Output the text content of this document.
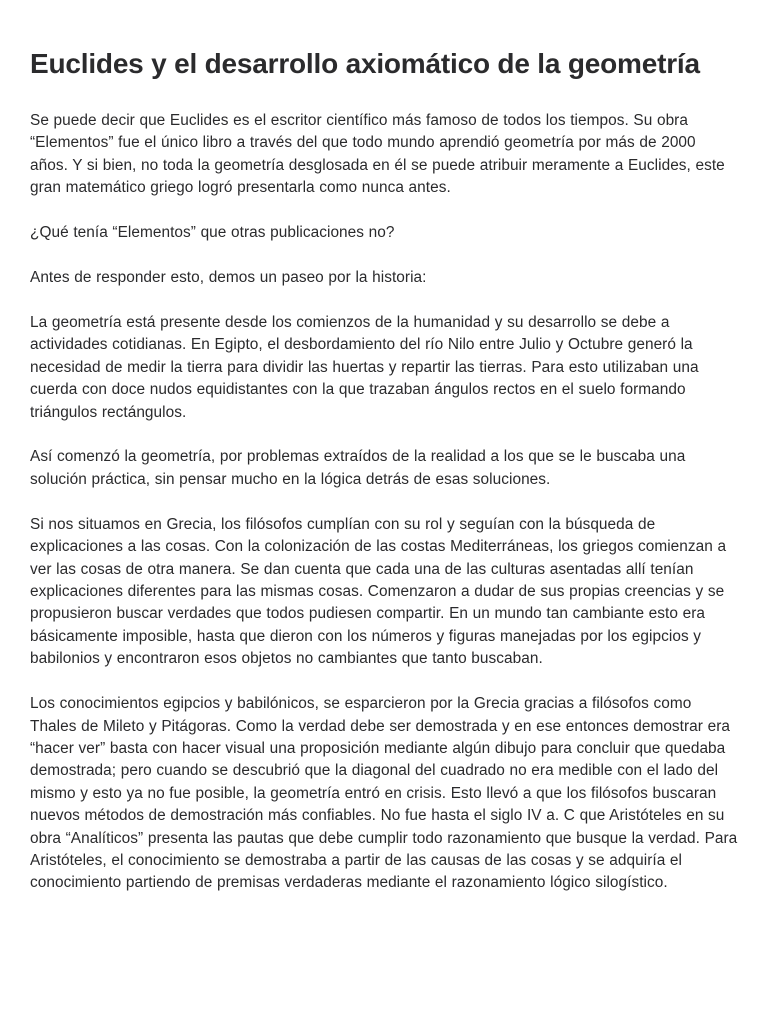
Euclides y el desarrollo axiomático de la geometría

Se puede decir que Euclides es el escritor científico más famoso de todos los tiempos. Su obra “Elementos” fue el único libro a través del que todo mundo aprendió geometría por más de 2000 años. Y si bien, no toda la geometría desglosada en él se puede atribuir meramente a Euclides, este gran matemático griego logró presentarla como nunca antes.

¿Qué tenía “Elementos” que otras publicaciones no?

Antes de responder esto, demos un paseo por la historia:

La geometría está presente desde los comienzos de la humanidad y su desarrollo se debe a actividades cotidianas. En Egipto, el desbordamiento del río Nilo entre Julio y Octubre generó la necesidad de medir la tierra para dividir las huertas y repartir las tierras. Para esto utilizaban una cuerda con doce nudos equidistantes con la que trazaban ángulos rectos en el suelo formando triángulos rectángulos.

Así comenzó la geometría, por problemas extraídos de la realidad a los que se le buscaba una solución práctica, sin pensar mucho en la lógica detrás de esas soluciones.

Si nos situamos en Grecia, los filósofos cumplían con su rol y seguían con la búsqueda de explicaciones a las cosas. Con la colonización de las costas Mediterráneas, los griegos comienzan a ver las cosas de otra manera. Se dan cuenta que cada una de las culturas asentadas allí tenían explicaciones diferentes para las mismas cosas. Comenzaron a dudar de sus propias creencias y se propusieron buscar verdades que todos pudiesen compartir. En un mundo tan cambiante esto era básicamente imposible, hasta que dieron con los números y figuras manejadas por los egipcios y babilonios y encontraron esos objetos no cambiantes que tanto buscaban.

Los conocimientos egipcios y babilónicos, se esparcieron por la Grecia gracias a filósofos como Thales de Mileto y Pitágoras. Como la verdad debe ser demostrada y en ese entonces demostrar era “hacer ver” basta con hacer visual una proposición mediante algún dibujo para concluir que quedaba demostrada; pero cuando se descubrió que la diagonal del cuadrado no era medible con el lado del mismo y esto ya no fue posible, la geometría entró en crisis. Esto llevó a que los filósofos buscaran nuevos métodos de demostración más confiables. No fue hasta el siglo IV a. C que Aristóteles en su obra “Analíticos” presenta las pautas que debe cumplir todo razonamiento que busque la verdad. Para Aristóteles, el conocimiento se demostraba a partir de las causas de las cosas y se adquiría el conocimiento partiendo de premisas verdaderas mediante el razonamiento lógico silogístico.
